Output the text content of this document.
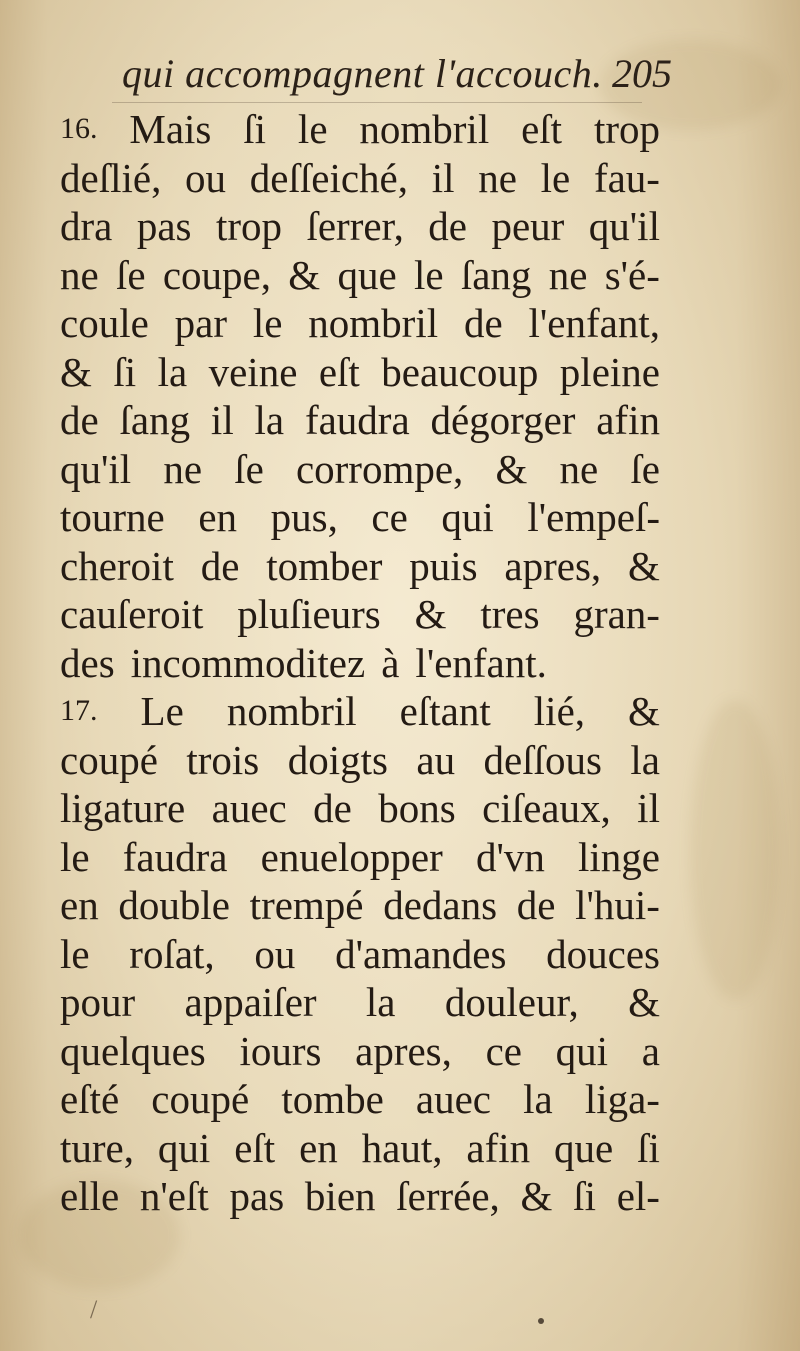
qui accompagnent l'accouch. 205
16. Mais ſi le nombril eſt trop
deſlié, ou deſſeiché, il ne le fau-
dra pas trop ſerrer, de peur qu'il
ne ſe coupe, & que le ſang ne s'é-
coule par le nombril de l'enfant,
& ſi la veine eſt beaucoup pleine
de ſang il la faudra dégorger afin
qu'il ne ſe corrompe, & ne ſe
tourne en pus, ce qui l'empeſ-
cheroit de tomber puis apres, &
cauſeroit pluſieurs & tres gran-
des incommoditez à l'enfant.
17. Le nombril eſtant lié, &
coupé trois doigts au deſſous la
ligature auec de bons ciſeaux, il
le faudra enuelopper d'vn linge
en double trempé dedans de l'hui-
le roſat, ou d'amandes douces
pour appaiſer la douleur, &
quelques iours apres, ce qui a
eſté coupé tombe auec la liga-
ture, qui eſt en haut, afin que ſi
elle n'eſt pas bien ſerrée, & ſi el-
/
